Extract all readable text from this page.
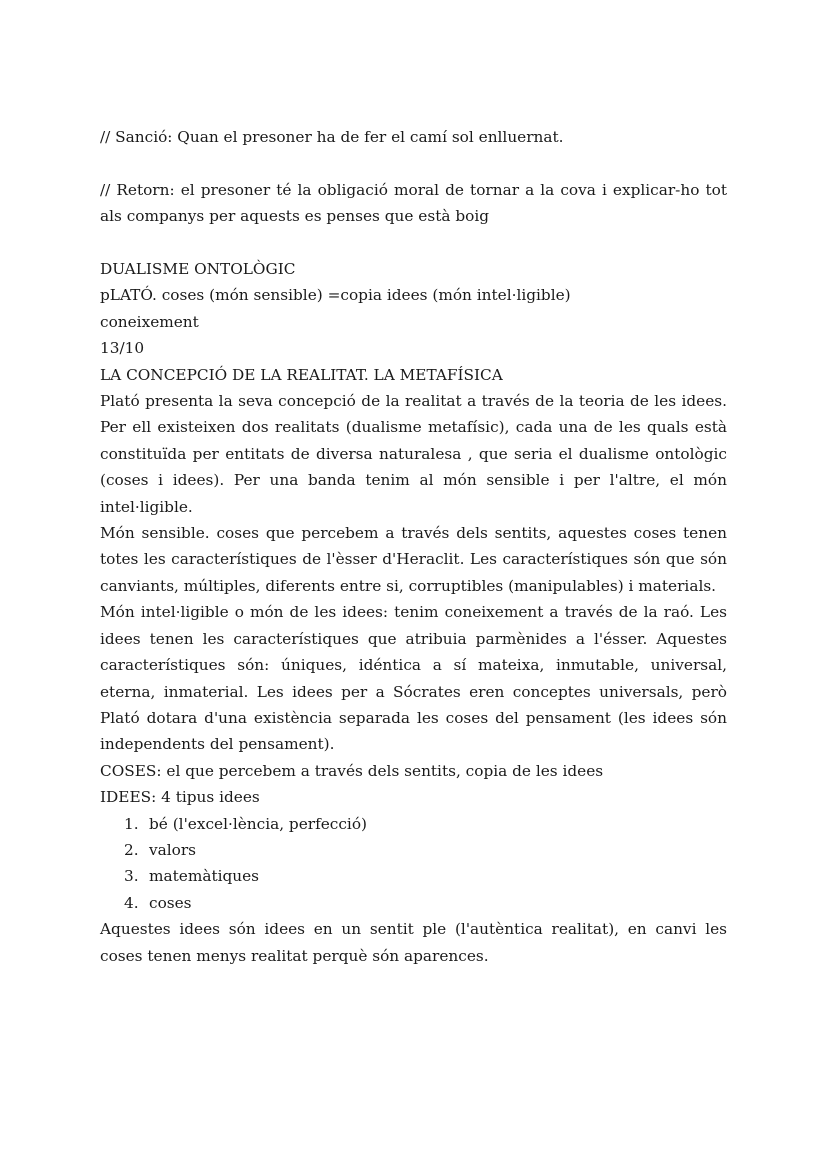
// Sanció: Quan el presoner ha de fer el camí sol enlluernat.

// Retorn: el presoner té la obligació moral de tornar a la cova i explicar-ho tot als companys per aquests es penses que està boig

DUALISME ONTOLÒGIC

pLATÓ. coses (món sensible) =copia idees (món intel·ligible)

coneixement

13/10

LA CONCEPCIÓ DE LA REALITAT. LA METAFÍSICA

Plató presenta la seva concepció de la realitat a través de la teoria de les idees. Per ell existeixen dos realitats (dualisme metafísic), cada una de les quals està constituïda per entitats de diversa naturalesa , que seria el dualisme ontològic (coses i idees). Per una banda tenim al món sensible i per l'altre, el món intel·ligible.

Món sensible. coses que percebem a través dels sentits, aquestes coses tenen totes les característiques de l'èsser d'Heraclit. Les característiques són que són canviants, múltiples, diferents entre si, corruptibles (manipulables) i materials.

Món intel·ligible o món de les idees: tenim coneixement a través de la raó. Les idees tenen les característiques que atribuia parmènides a l'ésser. Aquestes característiques són: úniques, idéntica a sí mateixa, inmutable, universal, eterna, inmaterial. Les idees per a Sócrates eren conceptes universals, però Plató dotara d'una existència separada les coses del pensament (les idees són independents del pensament).

COSES: el que percebem a través dels sentits, copia de les idees

IDEES: 4 tipus idees

1. bé (l'excel·lència, perfecció)
2. valors
3. matemàtiques
4. coses

Aquestes idees són idees en un sentit ple (l'autèntica realitat), en canvi les coses tenen menys realitat perquè són aparences.
